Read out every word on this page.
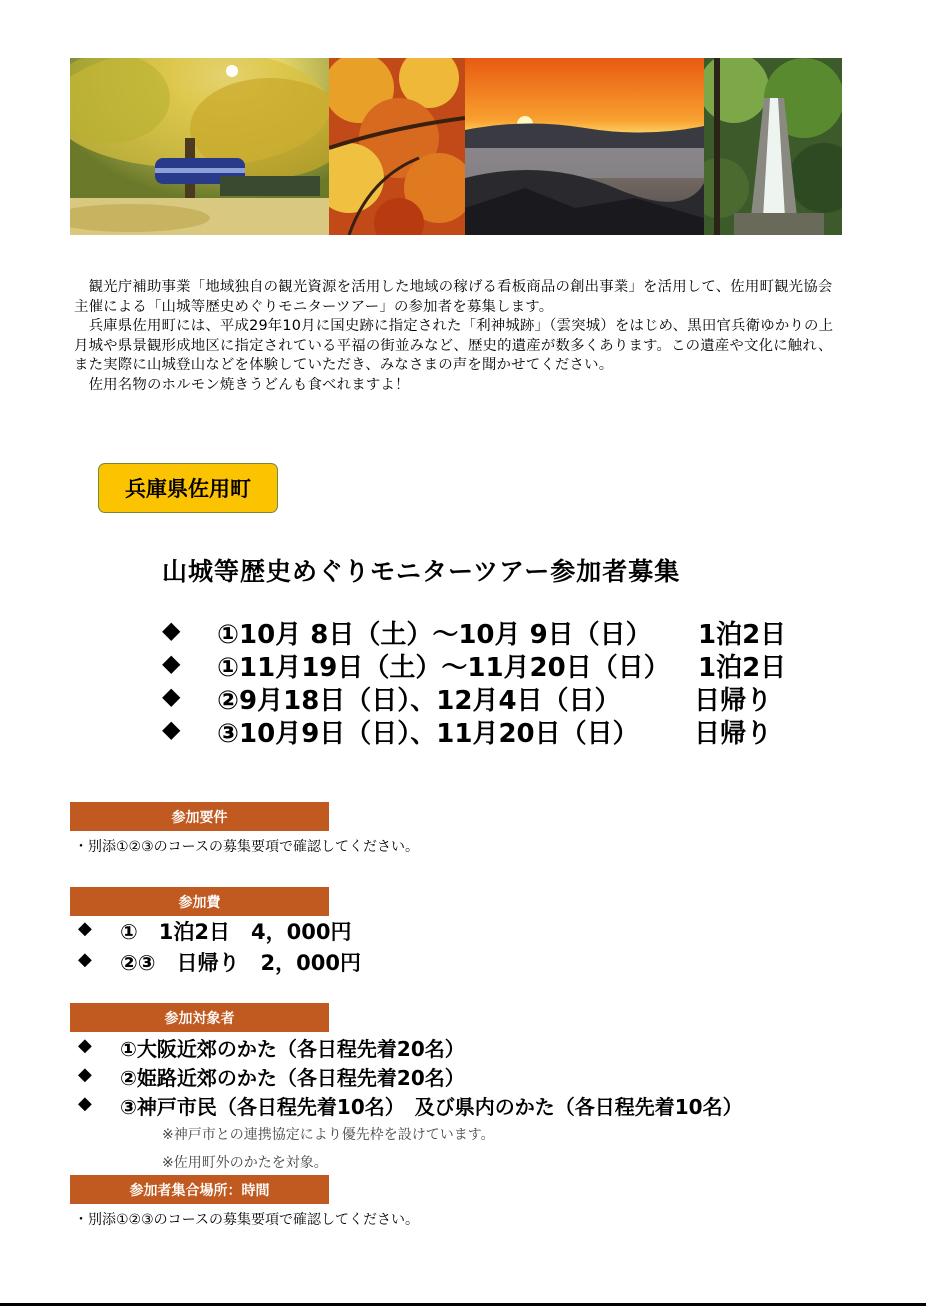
　観光庁補助事業「地域独自の観光資源を活用した地域の稼げる看板商品の創出事業」を活用して、佐用町観光協会主催による「山城等歴史めぐりモニターツアー」の参加者を募集します。

　兵庫県佐用町には、平成29年10月に国史跡に指定された「利神城跡」（雲突城）をはじめ、黒田官兵衛ゆかりの上月城や県景観形成地区に指定されている平福の街並みなど、歴史的遺産が数多くあります。この遺産や文化に触れ、また実際に山城登山などを体験していただき、みなさまの声を聞かせてください。

　佐用名物のホルモン焼きうどんも食べれますよ！

兵庫県佐用町
山城等歴史めぐりモニターツアー参加者募集
◆ ①10月 8日（土）～10月 9日（日） 1泊2日
◆ ①11月19日（土）～11月20日（日） 1泊2日
◆ ②9月18日（日）、12月4日（日）	日帰り
◆ ③10月9日（日）、11月20日（日） 日帰り
参加要件
・別添①②③のコースの募集要項で確認してください。
参加費
◆ ①　1泊2日　4，000円
◆ ②③　日帰り　2，000円
参加対象者
◆ ①大阪近郊のかた（各日程先着20名）
◆ ②姫路近郊のかた（各日程先着20名）
◆ ③神戸市民（各日程先着10名）　及び県内のかた（各日程先着10名）
※神戸市との連携協定により優先枠を設けています。
※佐用町外のかたを対象。
参加者集合場所：時間
・別添①②③のコースの募集要項で確認してください。
